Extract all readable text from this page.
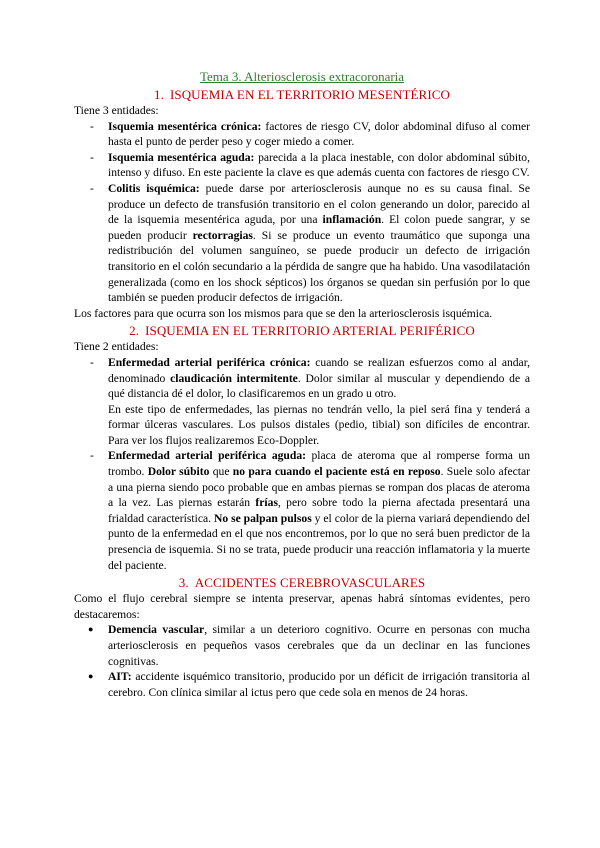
Tema 3. Alteriosclerosis extracoronaria

1. ISQUEMIA EN EL TERRITORIO MESENTÉRICO

Tiene 3 entidades:

- Isquemia mesentérica crónica: factores de riesgo CV, dolor abdominal difuso al comer hasta el punto de perder peso y coger miedo a comer.
- Isquemia mesentérica aguda: parecida a la placa inestable, con dolor abdominal súbito, intenso y difuso. En este paciente la clave es que además cuenta con factores de riesgo CV.
- Colitis isquémica: puede darse por arteriosclerosis aunque no es su causa final. Se produce un defecto de transfusión transitorio en el colon generando un dolor, parecido al de la isquemia mesentérica aguda, por una inflamación. El colon puede sangrar, y se pueden producir rectorragias. Si se produce un evento traumático que suponga una redistribución del volumen sanguíneo, se puede producir un defecto de irrigación transitorio en el colón secundario a la pérdida de sangre que ha habido. Una vasodilatación generalizada (como en los shock sépticos) los órganos se quedan sin perfusión por lo que también se pueden producir defectos de irrigación.

Los factores para que ocurra son los mismos para que se den la arteriosclerosis isquémica.

2. ISQUEMIA EN EL TERRITORIO ARTERIAL PERIFÉRICO

Tiene 2 entidades:

- Enfermedad arterial periférica crónica: cuando se realizan esfuerzos como al andar, denominado claudicación intermitente. Dolor similar al muscular y dependiendo de a qué distancia dé el dolor, lo clasificaremos en un grado u otro.

En este tipo de enfermedades, las piernas no tendrán vello, la piel será fina y tenderá a formar úlceras vasculares. Los pulsos distales (pedio, tibial) son difíciles de encontrar. Para ver los flujos realizaremos Eco-Doppler.

- Enfermedad arterial periférica aguda: placa de ateroma que al romperse forma un trombo. Dolor súbito que no para cuando el paciente está en reposo. Suele solo afectar a una pierna siendo poco probable que en ambas piernas se rompan dos placas de ateroma a la vez. Las piernas estarán frías, pero sobre todo la pierna afectada presentará una frialdad característica. No se palpan pulsos y el color de la pierna variará dependiendo del punto de la enfermedad en el que nos encontremos, por lo que no será buen predictor de la presencia de isquemia. Si no se trata, puede producir una reacción inflamatoria y la muerte del paciente.

3. ACCIDENTES CEREBROVASCULARES

Como el flujo cerebral siempre se intenta preservar, apenas habrá síntomas evidentes, pero destacaremos:

● Demencia vascular, similar a un deterioro cognitivo. Ocurre en personas con mucha arteriosclerosis en pequeños vasos cerebrales que da un declinar en las funciones cognitivas.
● AIT: accidente isquémico transitorio, producido por un déficit de irrigación transitoria al cerebro. Con clínica similar al ictus pero que cede sola en menos de 24 horas.
